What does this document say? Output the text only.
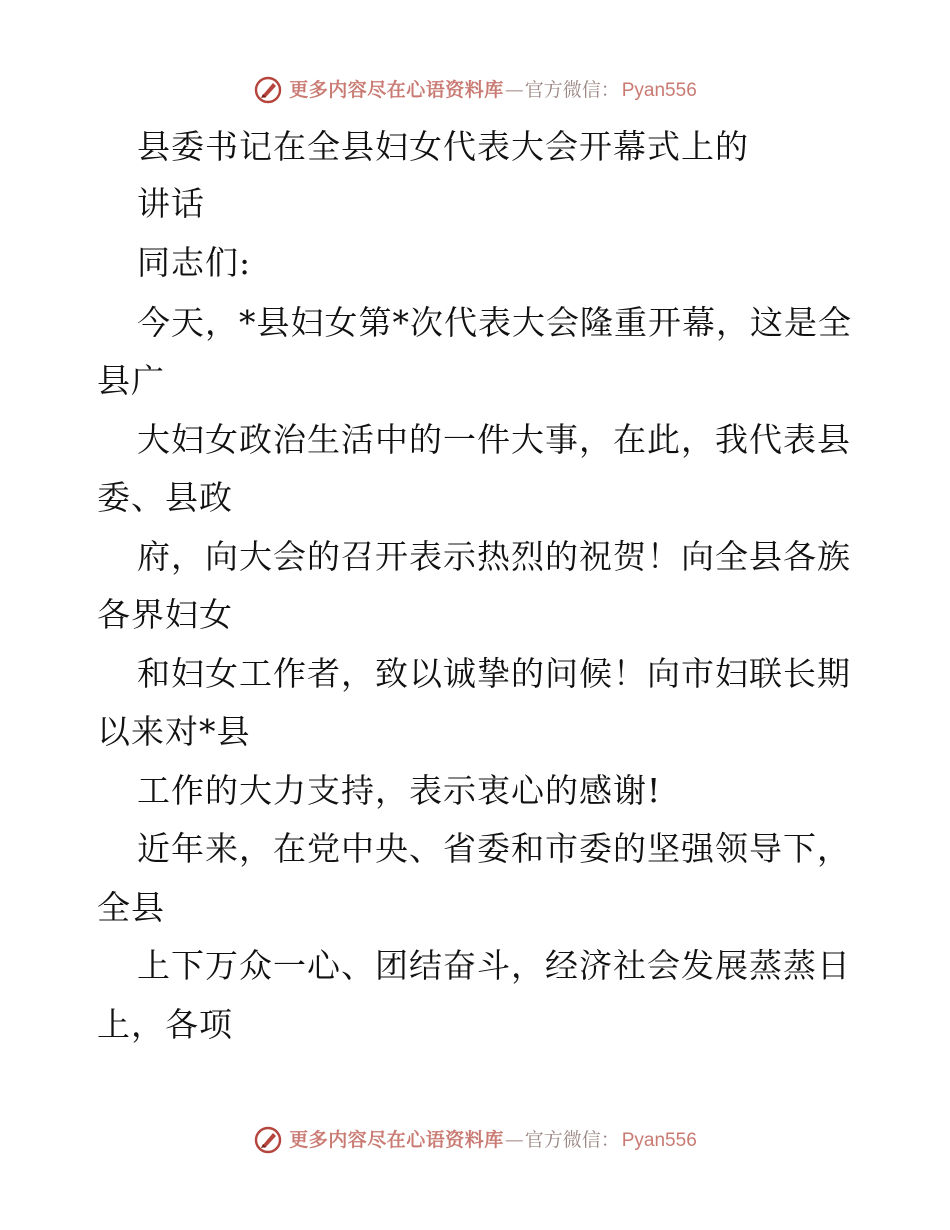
更多内容尽在心语资料库 — 官方微信： Pyan556
县委书记在全县妇女代表大会开幕式上的
讲话
同志们:
今天，*县妇女第*次代表大会隆重开幕，这是全
县广
大妇女政治生活中的一件大事，在此，我代表县
委、县政
府，向大会的召开表示热烈的祝贺！向全县各族
各界妇女
和妇女工作者，致以诚挚的问候！向市妇联长期
以来对*县
工作的大力支持，表示衷心的感谢!
近年来，在党中央、省委和市委的坚强领导下，
全县
上下万众一心、团结奋斗，经济社会发展蒸蒸日
上，各项
更多内容尽在心语资料库 — 官方微信： Pyan556
